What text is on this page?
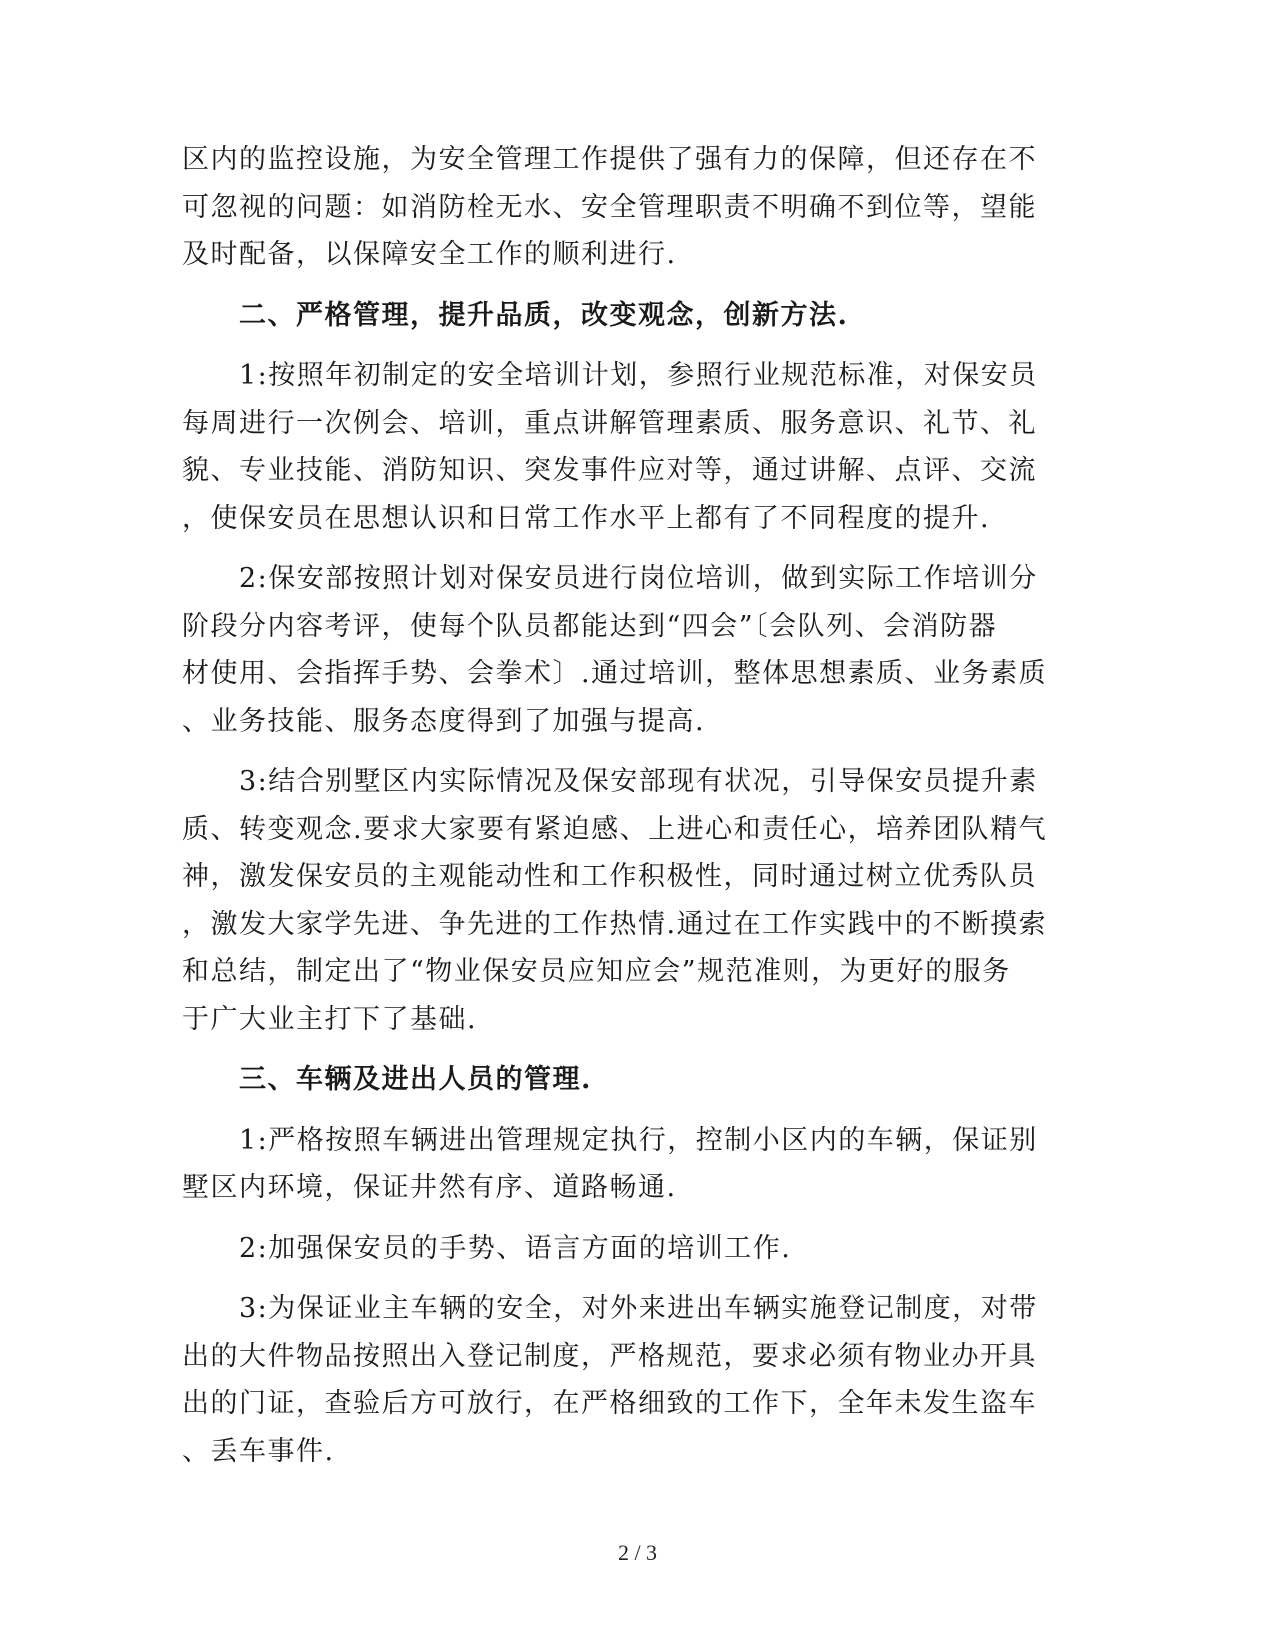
区内的监控设施，为安全管理工作提供了强有力的保障，但还存在不
可忽视的问题：如消防栓无水、安全管理职责不明确不到位等，望能
及时配备，以保障安全工作的顺利进行.
二、严格管理，提升品质，改变观念，创新方法.
1:按照年初制定的安全培训计划，参照行业规范标准，对保安员
每周进行一次例会、培训，重点讲解管理素质、服务意识、礼节、礼
貌、专业技能、消防知识、突发事件应对等，通过讲解、点评、交流
，使保安员在思想认识和日常工作水平上都有了不同程度的提升.
2:保安部按照计划对保安员进行岗位培训，做到实际工作培训分
阶段分内容考评，使每个队员都能达到“四会”〔会队列、会消防器
材使用、会指挥手势、会拳术〕.通过培训，整体思想素质、业务素质
、业务技能、服务态度得到了加强与提高.
3:结合别墅区内实际情况及保安部现有状况，引导保安员提升素
质、转变观念.要求大家要有紧迫感、上进心和责任心，培养团队精气
神，激发保安员的主观能动性和工作积极性，同时通过树立优秀队员
，激发大家学先进、争先进的工作热情.通过在工作实践中的不断摸索
和总结，制定出了“物业保安员应知应会”规范准则，为更好的服务
于广大业主打下了基础.
三、车辆及进出人员的管理.
1:严格按照车辆进出管理规定执行，控制小区内的车辆，保证别
墅区内环境，保证井然有序、道路畅通.
2:加强保安员的手势、语言方面的培训工作.
3:为保证业主车辆的安全，对外来进出车辆实施登记制度，对带
出的大件物品按照出入登记制度，严格规范，要求必须有物业办开具
出的门证，查验后方可放行，在严格细致的工作下，全年未发生盗车
、丢车事件.
2 / 3
